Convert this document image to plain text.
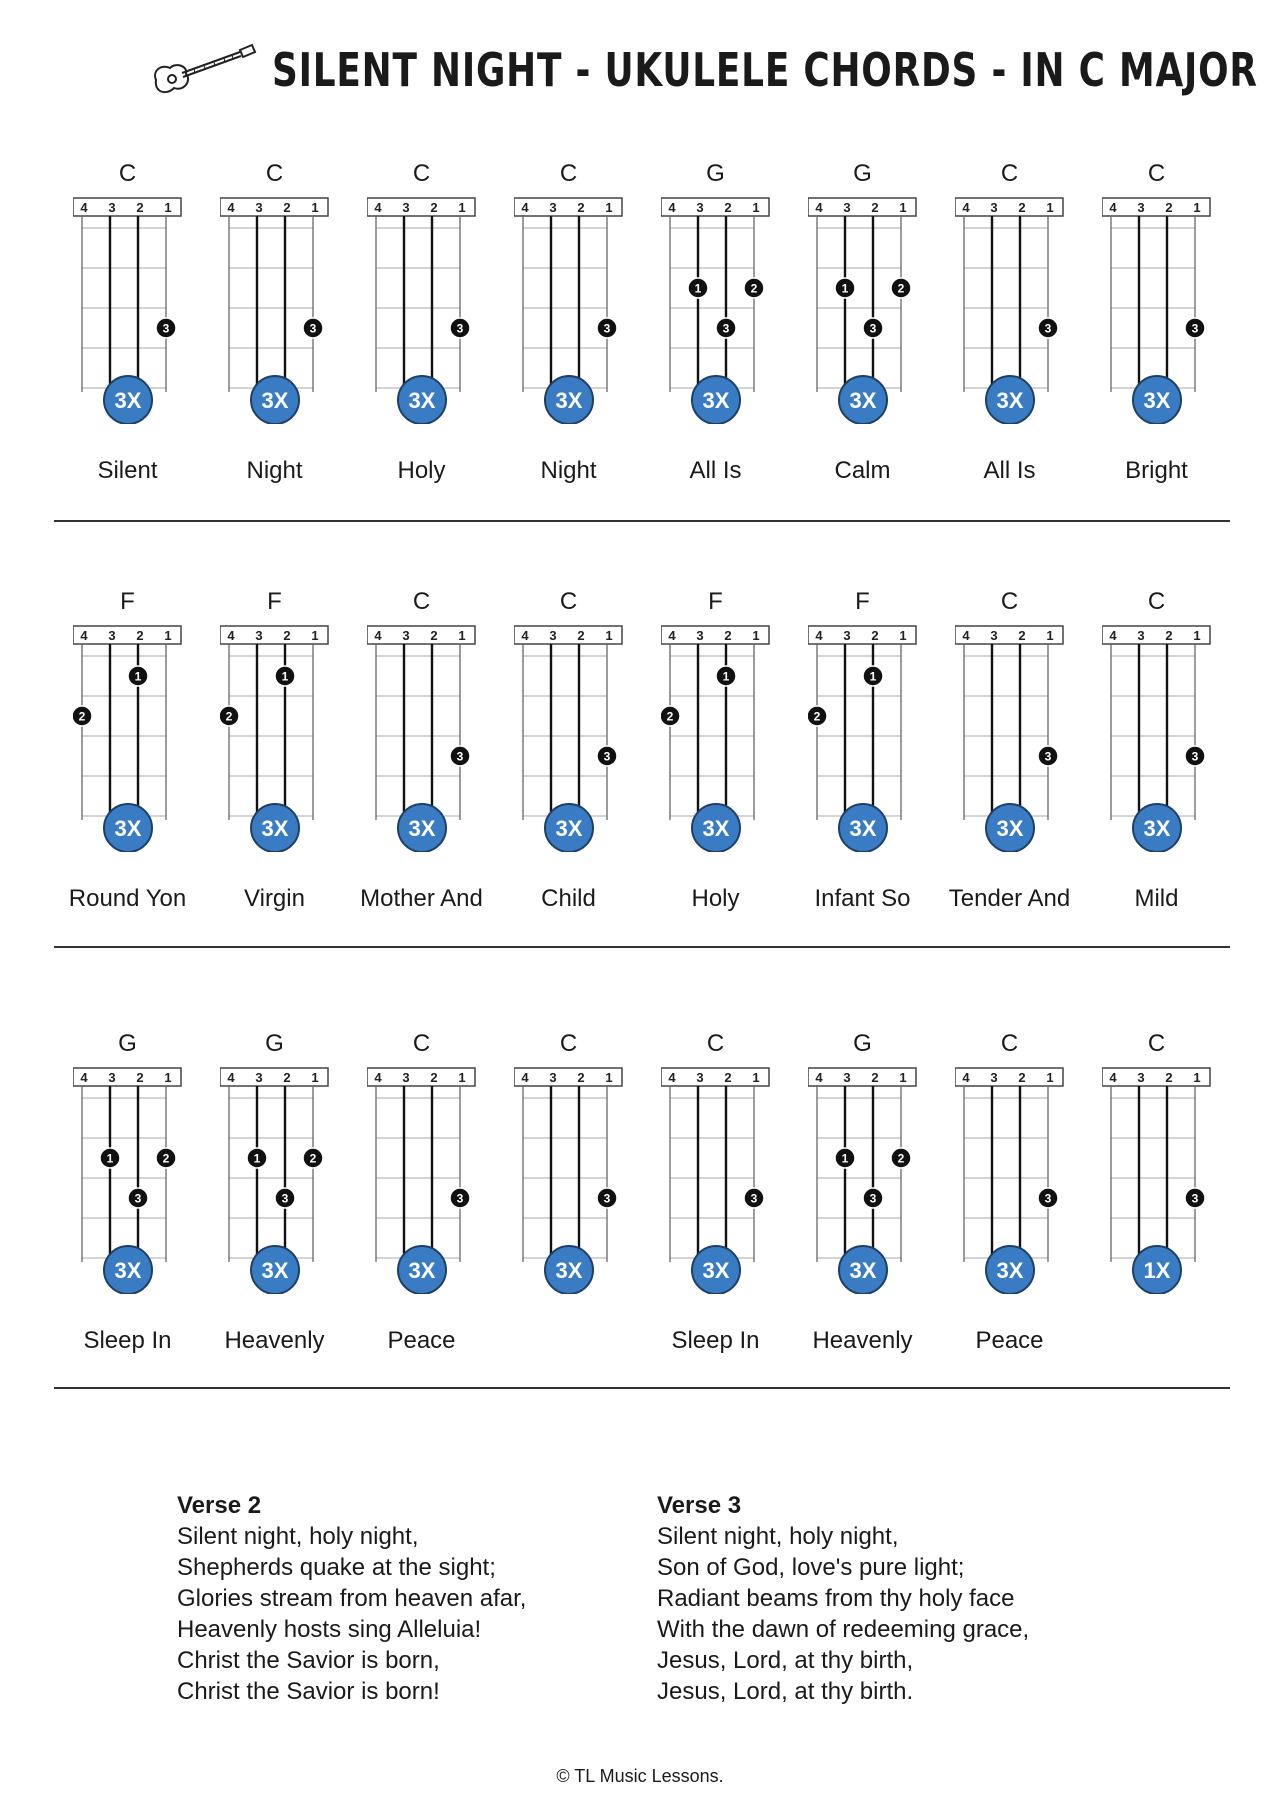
SILENT NIGHT - UKULELE CHORDS - IN C MAJOR
C
4 3 2 1
3
3X
Silent
C
4 3 2 1
3
3X
Night
C
4 3 2 1
3
3X
Holy
C
4 3 2 1
3
3X
Night
G
4 3 2 1
1	2
3
3X
All Is
G
4 3 2 1
1	2
3
3X
Calm
C
4 3 2 1
3
3X
All Is
C
4 3 2 1
3
3X
Bright
F
4 3 2 1
1
2
3X
Round Yon
F
4 3 2 1
1
2
3X
Virgin
C
4 3 2 1
3
3X
Mother And
C
4 3 2 1
3
3X
Child
F
4 3 2 1
1
2
3X
Holy
F
4 3 2 1
1
2
3X
Infant So
C
4 3 2 1
3
3X
Tender And
C
4 3 2 1
3
3X
Mild
G
4 3 2 1
1	2
3
3X
Sleep In
G
4 3 2 1
1	2
3
3X
Heavenly
C
4 3 2 1
3
3X
Peace
C
4 3 2 1
3
3X
C
4 3 2 1
3
3X
Sleep In
G
4 3 2 1
1	2
3
3X
Heavenly
C
4 3 2 1
3
3X
Peace
C
4 3 2 1
3
1X
Verse 2
Silent night, holy night,
Shepherds quake at the sight;
Glories stream from heaven afar,
Heavenly hosts sing Alleluia!
Christ the Savior is born,
Christ the Savior is born!
Verse 3
Silent night, holy night,
Son of God, love's pure light;
Radiant beams from thy holy face
With the dawn of redeeming grace,
Jesus, Lord, at thy birth,
Jesus, Lord, at thy birth.
© TL Music Lessons.
